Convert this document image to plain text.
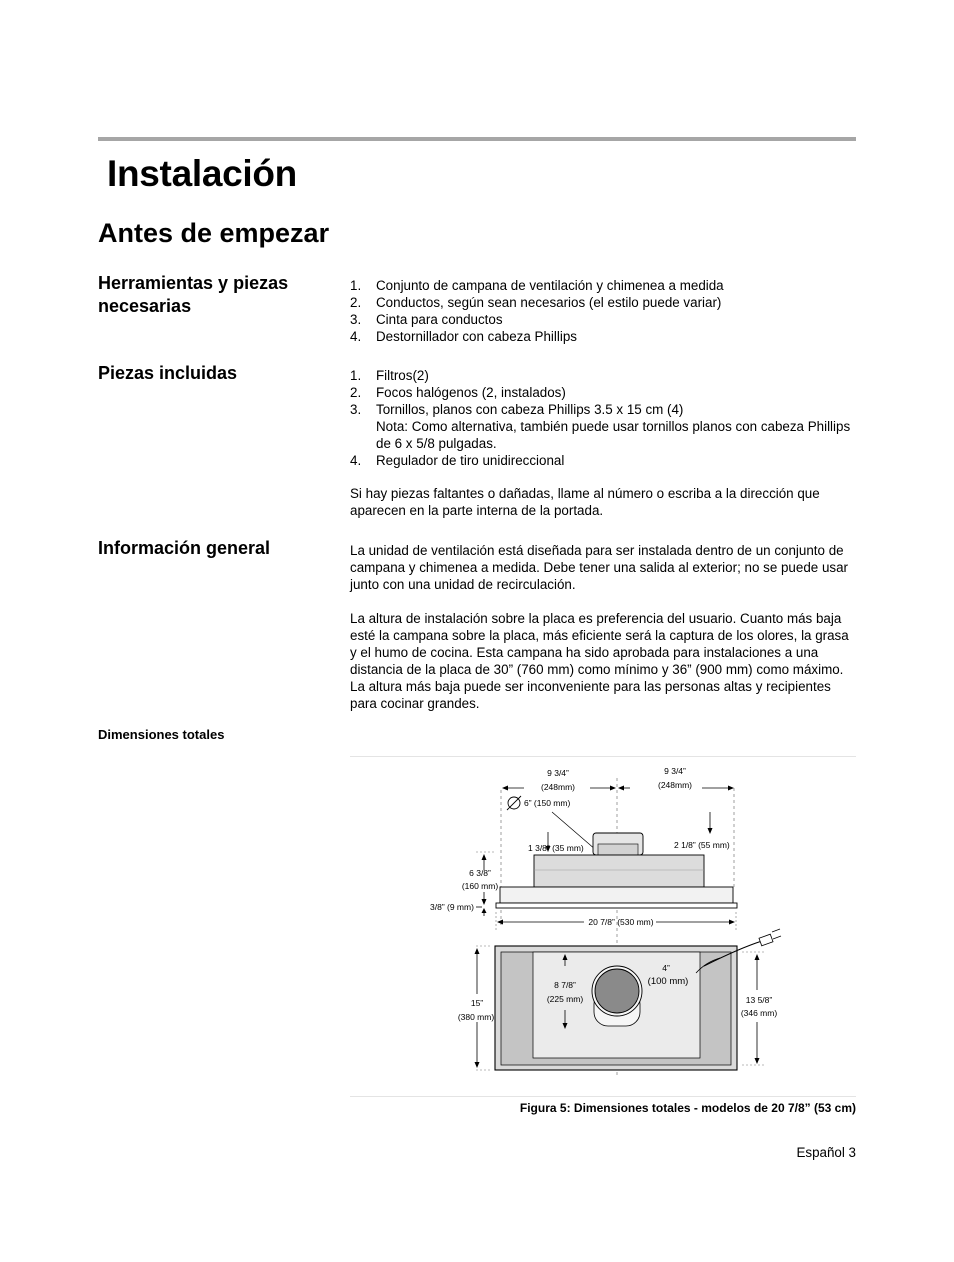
Instalación
Antes de empezar
Herramientas y piezas necesarias
1. Conjunto de campana de ventilación y chimenea a medida
2. Conductos, según sean necesarios (el estilo puede variar)
3. Cinta para conductos
4. Destornillador con cabeza Phillips
Piezas incluidas	1. Filtros(2)
2. Focos halógenos (2, instalados)
3. Tornillos, planos con cabeza Phillips 3.5 x 15 cm (4)
Nota: Como alternativa, también puede usar tornillos planos con cabeza Phillips de 6 x 5/8 pulgadas.
4. Regulador de tiro unidireccional

Si hay piezas faltantes o dañadas, llame al número o escriba a la dirección que aparecen en la parte interna de la portada.

Información general	La unidad de ventilación está diseñada para ser instalada dentro de un conjunto de campana y chimenea a medida. Debe tener una salida al exterior; no se puede usar junto con una unidad de recirculación.

La altura de instalación sobre la placa es preferencia del usuario. Cuanto más baja esté la campana sobre la placa, más eficiente será la captura de los olores, la grasa y el humo de cocina. Esta campana ha sido aprobada para instalaciones a una distancia de la placa de 30” (760 mm) como mínimo y 36” (900 mm) como máximo. La altura más baja puede ser inconveniente para las personas altas y recipientes para cocinar grandes.

Dimensiones totales
9 3/4”
(248mm)
9 3/4”
(248mm)
6” (150 mm)
1 3/8” (35 mm)	2 1/8” (55 mm)
6 3/8”
(160 mm)
3/8” (9 mm)
20 7/8” (530 mm)
4”
(100 mm)
8 7/8”
(225 mm)
15”
(380 mm)
13 5/8”
(346 mm)
Figura 5: Dimensiones totales - modelos de 20 7/8” (53 cm)
Español 3
